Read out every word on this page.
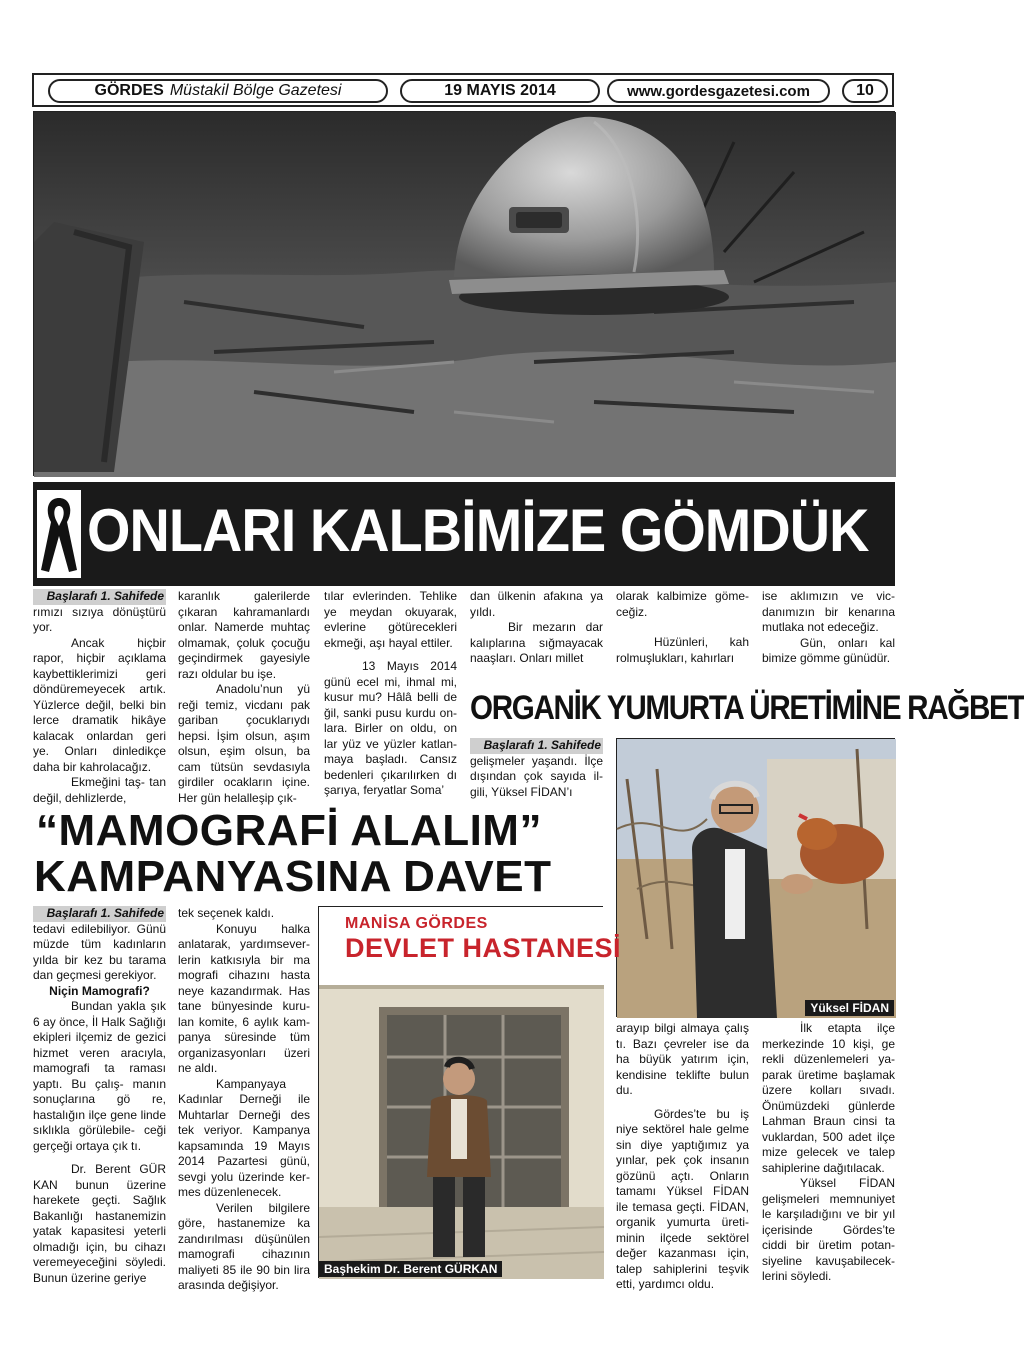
GÖRDES Müstakil Bölge Gazetesi	19 MAYIS 2014	www.gordesgazetesi.com	10
ONLARI KALBİMİZE GÖMDÜK
Başlarafı 1. Sahifede

rımızı sızıya dönüştürü yor.

Ancak hiçbir rapor, hiçbir açıklama kaybettiklerimizi geri döndüremeyecek artık. Yüzlerce değil, belki bin lerce dramatik hikâye kalacak onlardan geri ye. Onları dinledikçe daha bir kahrolacağız.

Ekmeğini taş- tan değil, dehlizlerde,

karanlık galerilerde çıkaran kahramanlardı onlar. Namerde muhtaç olmamak, çoluk çocuğu geçindirmek gayesiyle razı oldular bu işe.

Anadolu’nun yü reği temiz, vicdanı pak gariban çocuklarıydı hepsi. İşim olsun, aşım olsun, eşim olsun, ba cam tütsün sevdasıyla girdiler ocakların içine. Her gün helalleşip çık-

tılar evlerinden. Tehlike ye meydan okuyarak, evlerine götürecekleri ekmeği, aşı hayal ettiler.

13 Mayıs 2014 günü ecel mi, ihmal mi, kusur mu? Hâlâ belli de ğil, sanki pusu kurdu on- lara. Birler on oldu, on lar yüz ve yüzler katlan- maya başladı. Cansız bedenleri çıkarılırken dı şarıya, feryatlar Soma’

dan ülkenin afakına ya yıldı.

Bir mezarın dar kalıplarına sığmayacak naaşları. Onları millet

olarak kalbimize göme- ceğiz.

Hüzünleri, kah rolmuşlukları, kahırları

ise aklımızın ve vic- danımızın bir kenarına mutlaka not edeceğiz.

Gün, onları kal bimize gömme günüdür.

ORGANİK YUMURTA ÜRETİMİNE RAĞBET
Başlarafı 1. Sahifede

gelişmeler yaşandı. İlçe dışından çok sayıda il- gili, Yüksel FİDAN’ı

Yüksel FİDAN

arayıp bilgi almaya çalış tı. Bazı çevreler ise da ha büyük yatırım için, kendisine teklifte bulun du.

Gördes’te bu iş niye sektörel hale gelme sin diye yaptığımız ya yınlar, pek çok insanın gözünü açtı. Onların tamamı Yüksel FİDAN ile temasa geçti. FİDAN, organik yumurta üreti- minin ilçede sektörel değer kazanması için, talep sahiplerini teşvik etti, yardımcı oldu.

İlk etapta ilçe merkezinde 10 kişi, ge rekli düzenlemeleri ya- parak üretime başlamak üzere kolları sıvadı. Önümüzdeki günlerde Lahman Braun cinsi ta vuklardan, 500 adet ilçe mize gelecek ve talep sahiplerine dağıtılacak.

Yüksel FİDAN gelişmeleri memnuniyet le karşıladığını ve bir yıl içerisinde Gördes’te ciddi bir üretim potan- siyeline kavuşabilecek- lerini söyledi.

“MAMOGRAFİ ALALIM”
KAMPANYASINA DAVET
Başlarafı 1. Sahifede

tedavi edilebiliyor. Günü müzde tüm kadınların yılda bir kez bu tarama dan geçmesi gerekiyor.

Niçin Mamografi?

Bundan yakla şık 6 ay önce, İl Halk Sağlığı ekipleri ilçemiz de gezici hizmet veren aracıyla, mamografi ta raması yaptı. Bu çalış- manın sonuçlarına gö re, hastalığın ilçe gene linde sıklıkla görülebile- ceği gerçeği ortaya çık tı.

Dr. Berent GÜR KAN bunun üzerine harekete geçti. Sağlık Bakanlığı hastanemizin yatak kapasitesi yeterli olmadığı için, bu cihazı veremeyeceğini söyledi. Bunun üzerine geriye

tek seçenek kaldı.

Konuyu halka anlatarak, yardımsever- lerin katkısıyla bir ma mografi cihazını hasta neye kazandırmak. Has tane bünyesinde kuru- lan komite, 6 aylık kam- panya süresinde tüm organizasyonları üzeri ne aldı.

Kampanyaya Kadınlar Derneği ile Muhtarlar Derneği des tek veriyor. Kampanya kapsamında 19 Mayıs 2014 Pazartesi günü, sevgi yolu üzerinde ker- mes düzenlenecek.

Verilen bilgilere göre, hastanemize ka zandırılması düşünülen mamografi cihazının maliyeti 85 ile 90 bin lira arasında değişiyor.

MANİSA GÖRDES
DEVLET HASTANESİ
Başhekim Dr. Berent GÜRKAN
